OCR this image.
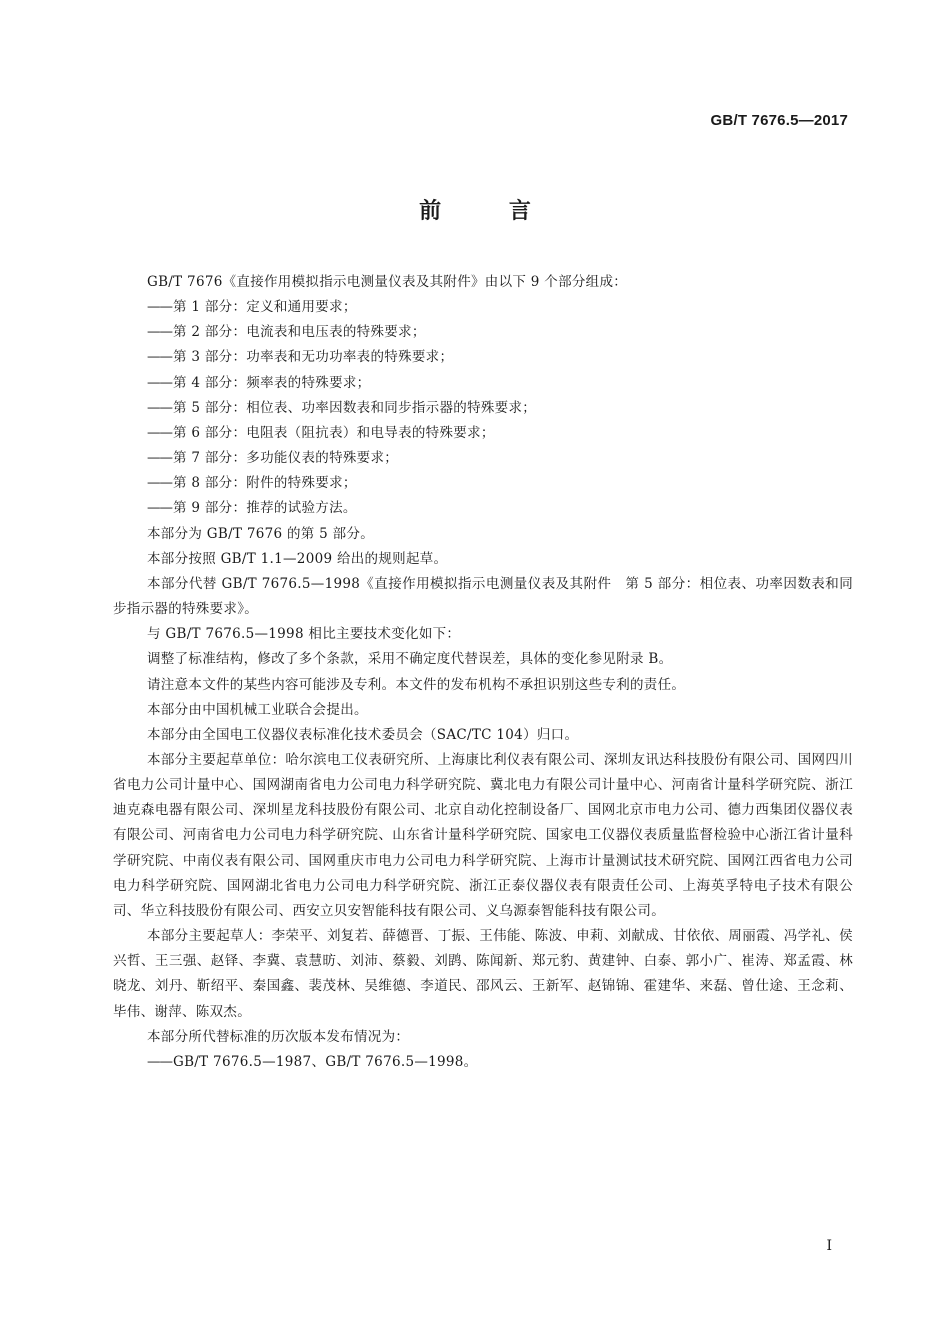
GB/T 7676.5—2017

前 言

GB/T 7676《直接作用模拟指示电测量仪表及其附件》由以下 9 个部分组成：

—— 第 1 部分：定义和通用要求；
—— 第 2 部分：电流表和电压表的特殊要求；
—— 第 3 部分：功率表和无功功率表的特殊要求；
—— 第 4 部分：频率表的特殊要求；
—— 第 5 部分：相位表、功率因数表和同步指示器的特殊要求；
—— 第 6 部分：电阻表（阻抗表）和电导表的特殊要求；
—— 第 7 部分：多功能仪表的特殊要求；
—— 第 8 部分：附件的特殊要求；
—— 第 9 部分：推荐的试验方法。

本部分为 GB/T 7676 的第 5 部分。

本部分按照 GB/T 1.1—2009 给出的规则起草。

本部分代替 GB/T 7676.5—1998《直接作用模拟指示电测量仪表及其附件　第 5 部分：相位表、功率因数表和同步指示器的特殊要求》。

与 GB/T 7676.5—1998 相比主要技术变化如下：

调整了标准结构，修改了多个条款，采用不确定度代替误差，具体的变化参见附录 B。

请注意本文件的某些内容可能涉及专利。本文件的发布机构不承担识别这些专利的责任。

本部分由中国机械工业联合会提出。

本部分由全国电工仪器仪表标准化技术委员会（SAC/TC 104）归口。

本部分主要起草单位：哈尔滨电工仪表研究所、上海康比利仪表有限公司、深圳友讯达科技股份有限公司、国网四川省电力公司计量中心、国网湖南省电力公司电力科学研究院、冀北电力有限公司计量中心、河南省计量科学研究院、浙江迪克森电器有限公司、深圳星龙科技股份有限公司、北京自动化控制设备厂、国网北京市电力公司、德力西集团仪器仪表有限公司、河南省电力公司电力科学研究院、山东省计量科学研究院、国家电工仪器仪表质量监督检验中心浙江省计量科学研究院、中南仪表有限公司、国网重庆市电力公司电力科学研究院、上海市计量测试技术研究院、国网江西省电力公司电力科学研究院、国网湖北省电力公司电力科学研究院、浙江正泰仪器仪表有限责任公司、上海英孚特电子技术有限公司、华立科技股份有限公司、西安立贝安智能科技有限公司、义乌源泰智能科技有限公司。

本部分主要起草人：李荣平、刘复若、薛德晋、丁振、王伟能、陈波、申莉、刘献成、甘依依、周丽霞、冯学礼、侯兴哲、王三强、赵铎、李冀、袁慧昉、刘沛、蔡毅、刘鹍、陈闻新、郑元豹、黄建钟、白泰、郭小广、崔涛、郑孟霞、林晓龙、刘丹、靳绍平、秦国鑫、裴茂林、吴维德、李道民、邵风云、王新军、赵锦锦、霍建华、来磊、曾仕途、王念莉、毕伟、谢萍、陈双杰。

本部分所代替标准的历次版本发布情况为：

—— GB/T 7676.5—1987、GB/T 7676.5—1998。

I
